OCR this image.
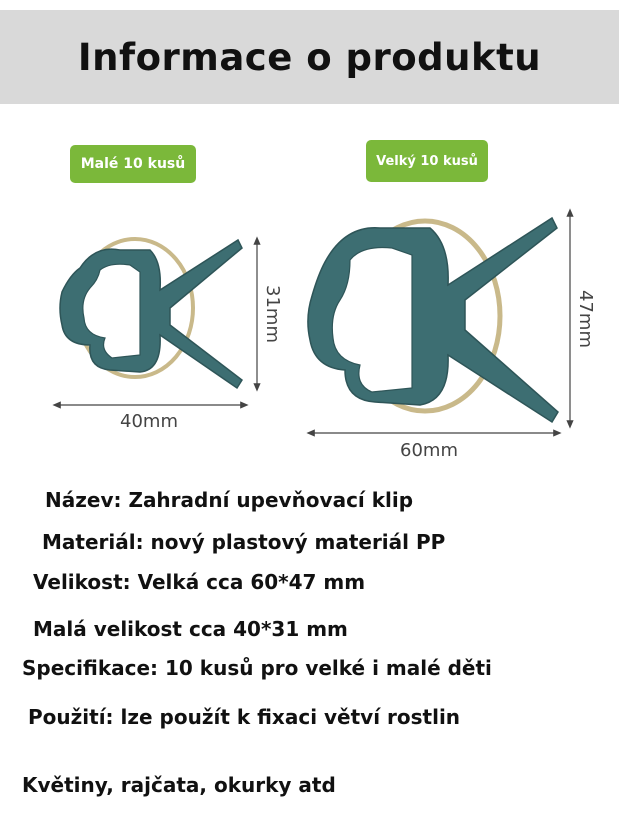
Informace o produktu
Malé 10 kusů	Velký 10 kusů
40mm
31mm
60mm
47mm
Název: Zahradní upevňovací klip
Materiál: nový plastový materiál PP
Velikost: Velká cca 60*47 mm
Malá velikost cca 40*31 mm
Specifikace: 10 kusů pro velké i malé děti
Použití: lze použít k fixaci větví rostlin
Květiny, rajčata, okurky atd
